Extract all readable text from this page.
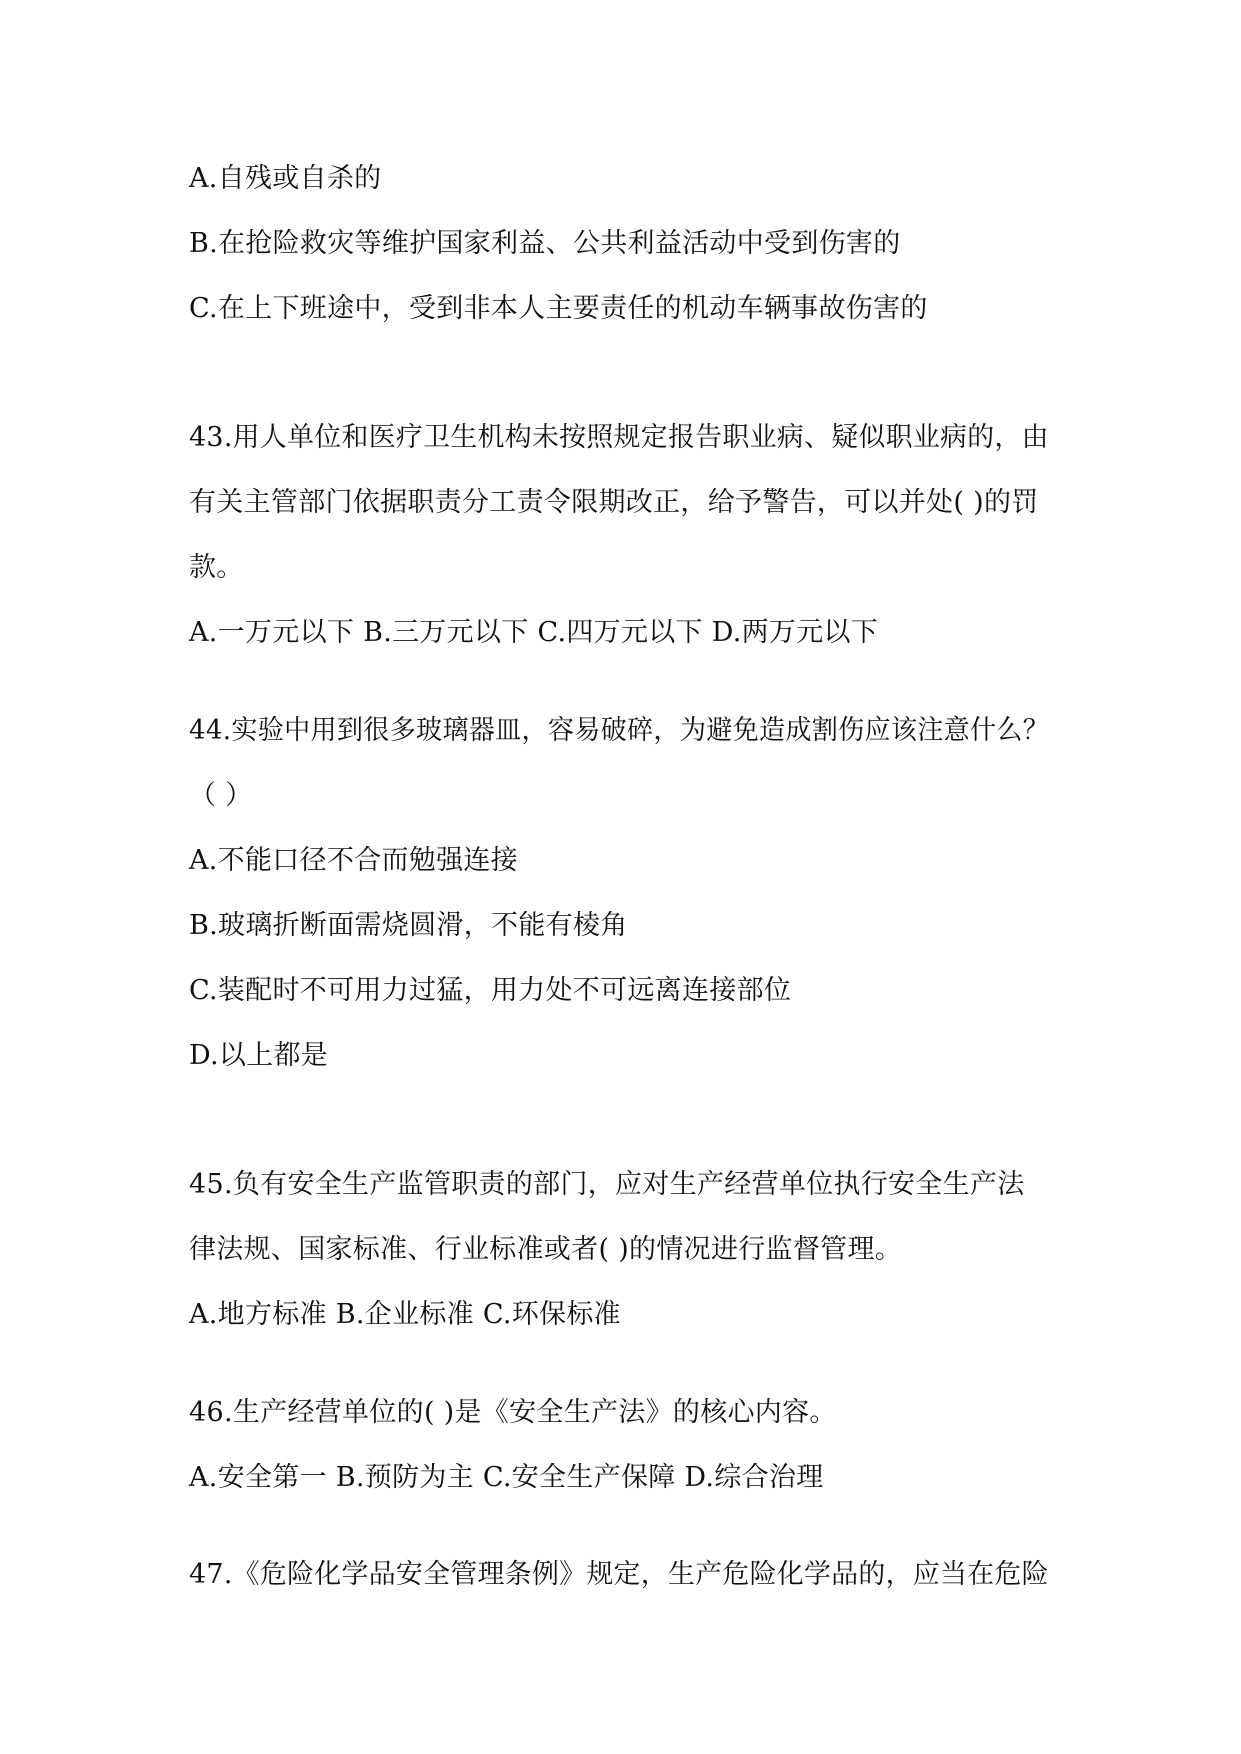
A.自残或自杀的
B.在抢险救灾等维护国家利益、公共利益活动中受到伤害的
C.在上下班途中，受到非本人主要责任的机动车辆事故伤害的
43.用人单位和医疗卫生机构未按照规定报告职业病、疑似职业病的，由
有关主管部门依据职责分工责令限期改正，给予警告，可以并处( )的罚
款。
A.一万元以下 B.三万元以下 C.四万元以下 D.两万元以下
44.实验中用到很多玻璃器皿，容易破碎，为避免造成割伤应该注意什么？
（ ）
A.不能口径不合而勉强连接
B.玻璃折断面需烧圆滑，不能有棱角
C.装配时不可用力过猛，用力处不可远离连接部位
D.以上都是
45.负有安全生产监管职责的部门，应对生产经营单位执行安全生产法
律法规、国家标准、行业标准或者( )的情况进行监督管理。
A.地方标准 B.企业标准 C.环保标准
46.生产经营单位的( )是《安全生产法》的核心内容。
A.安全第一 B.预防为主 C.安全生产保障 D.综合治理
47.《危险化学品安全管理条例》规定，生产危险化学品的，应当在危险
